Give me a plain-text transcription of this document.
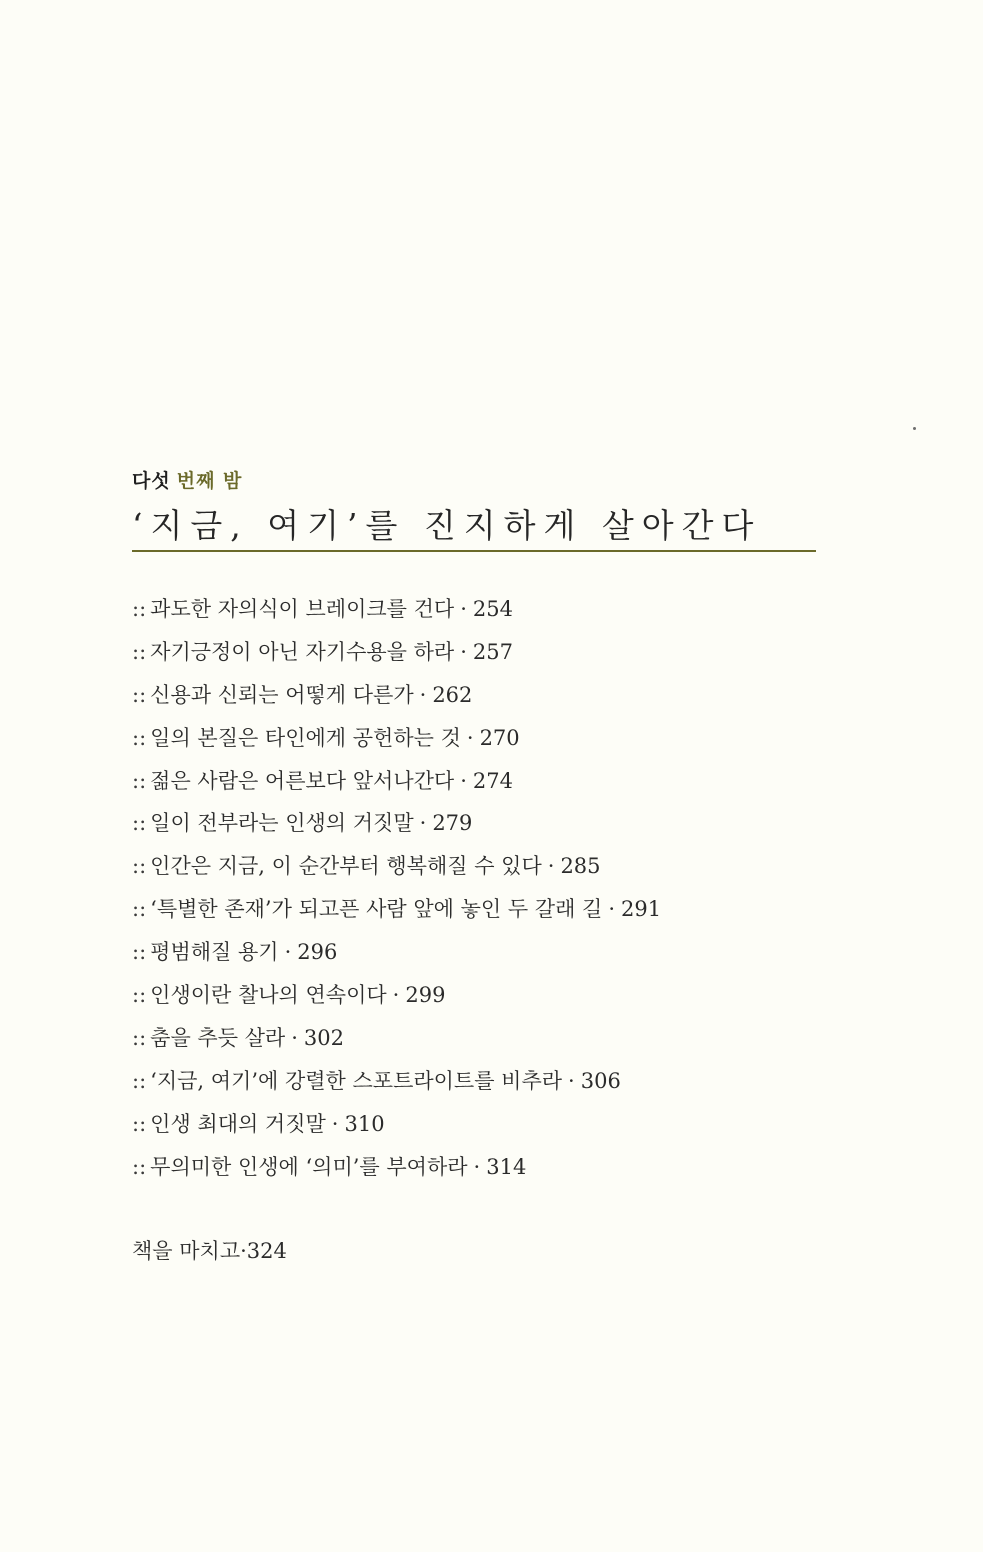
다섯 번째 밤
‘지금, 여기’를 진지하게 살아간다
:: 과도한 자의식이 브레이크를 건다 · 254
:: 자기긍정이 아닌 자기수용을 하라 · 257
:: 신용과 신뢰는 어떻게 다른가 · 262
:: 일의 본질은 타인에게 공헌하는 것 · 270
:: 젊은 사람은 어른보다 앞서나간다 · 274
:: 일이 전부라는 인생의 거짓말 · 279
:: 인간은 지금, 이 순간부터 행복해질 수 있다 · 285
:: ‘특별한 존재’가 되고픈 사람 앞에 놓인 두 갈래 길 · 291
:: 평범해질 용기 · 296
:: 인생이란 찰나의 연속이다 · 299
:: 춤을 추듯 살라 · 302
:: ‘지금, 여기’에 강렬한 스포트라이트를 비추라 · 306
:: 인생 최대의 거짓말 · 310
:: 무의미한 인생에 ‘의미’를 부여하라 · 314
책을 마치고·324
